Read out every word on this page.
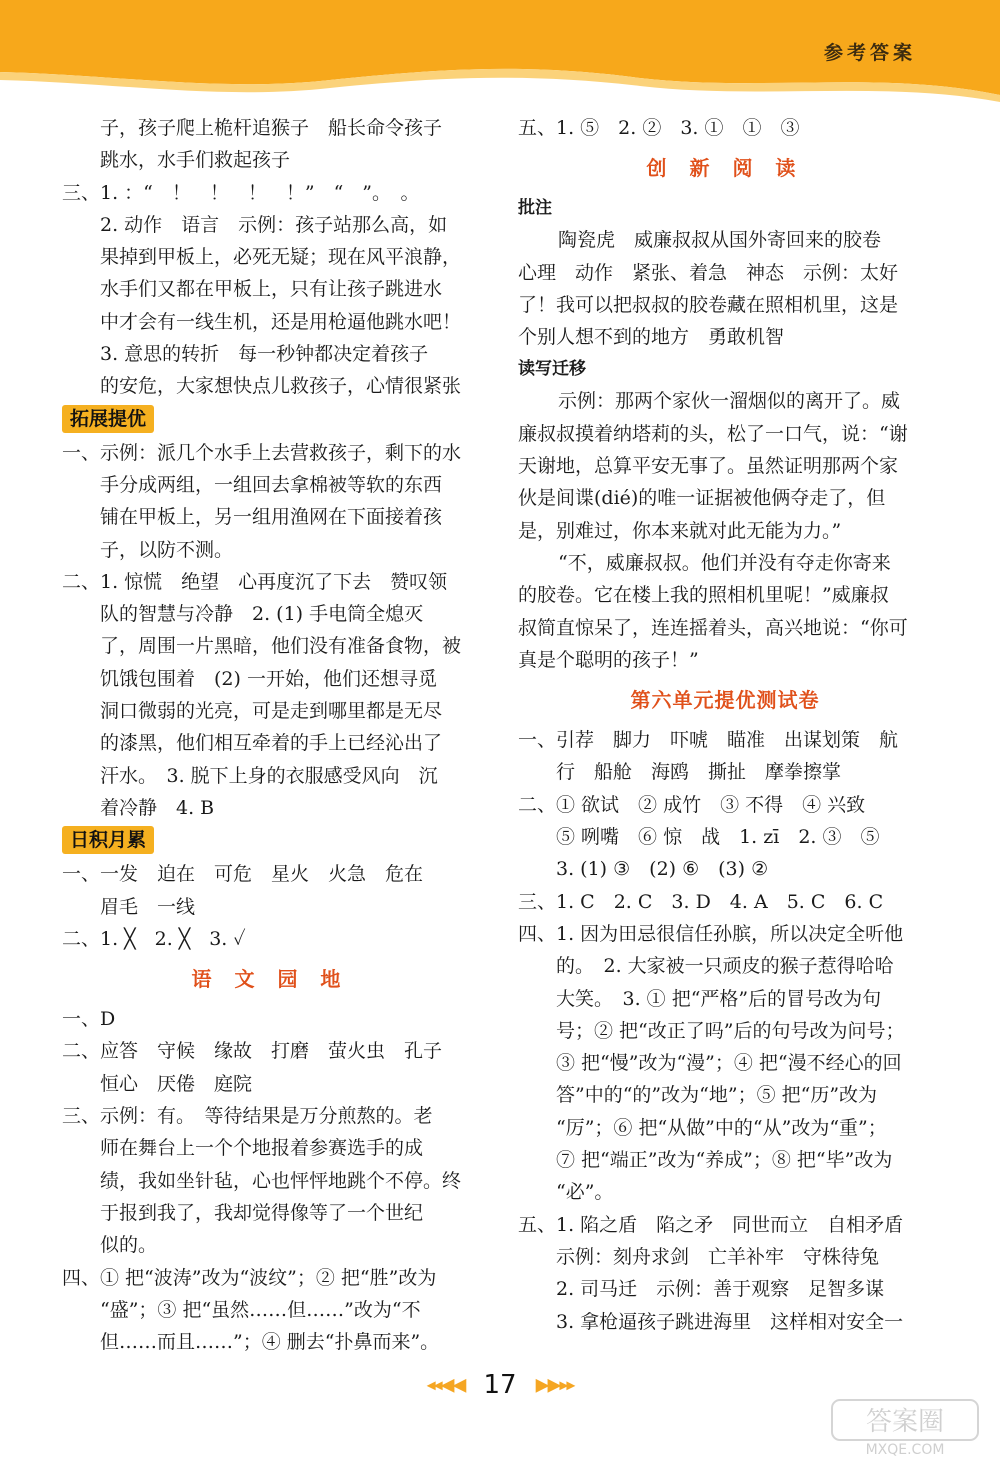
参考答案
子，孩子爬上桅杆追猴子　船长命令孩子
跳水，水手们救起孩子
三、1. ：“　！　！　！　！”　“　”。　。
2. 动作　语言　示例：孩子站那么高，如
果掉到甲板上，必死无疑；现在风平浪静，
水手们又都在甲板上，只有让孩子跳进水
中才会有一线生机，还是用枪逼他跳水吧！
3. 意思的转折　每一秒钟都决定着孩子
的安危，大家想快点儿救孩子，心情很紧张
拓展提优
一、示例：派几个水手上去营救孩子，剩下的水
手分成两组，一组回去拿棉被等软的东西
铺在甲板上，另一组用渔网在下面接着孩
子，以防不测。
二、1. 惊慌　绝望　心再度沉了下去　赞叹领
队的智慧与冷静　2. (1) 手电筒全熄灭
了，周围一片黑暗，他们没有准备食物，被
饥饿包围着　(2) 一开始，他们还想寻觅
洞口微弱的光亮，可是走到哪里都是无尽
的漆黑，他们相互牵着的手上已经沁出了
汗水。　3. 脱下上身的衣服感受风向　沉
着冷静　4. B
日积月累
一、一发　迫在　可危　星火　火急　危在
眉毛　一线
二、1. ╳　2. ╳　3. ✓
语 文 园 地
一、D
二、应答　守候　缘故　打磨　萤火虫　孔子
恒心　厌倦　庭院
三、示例：有。　等待结果是万分煎熬的。老
师在舞台上一个个地报着参赛选手的成
绩，我如坐针毡，心也怦怦地跳个不停。终
于报到我了，我却觉得像等了一个世纪
似的。
四、① 把“波涛”改为“波纹”；② 把“胜”改为
“盛”；③ 把“虽然……但……”改为“不
但……而且……”；④ 删去“扑鼻而来”。
五、1. ⑤　2. ②　3. ①　①　③
创 新 阅 读
批注
陶瓷虎　威廉叔叔从国外寄回来的胶卷
心理　动作　紧张、着急　神态　示例：太好
了！我可以把叔叔的胶卷藏在照相机里，这是
个别人想不到的地方　勇敢机智
读写迁移
示例：那两个家伙一溜烟似的离开了。威
廉叔叔摸着纳塔莉的头，松了一口气，说：“谢
天谢地，总算平安无事了。虽然证明那两个家
伙是间谍(dié)的唯一证据被他俩夺走了，但
是，别难过，你本来就对此无能为力。”
“不，威廉叔叔。他们并没有夺走你寄来
的胶卷。它在楼上我的照相机里呢！”威廉叔
叔简直惊呆了，连连摇着头，高兴地说：“你可
真是个聪明的孩子！”
第六单元提优测试卷
一、引荐　脚力　吓唬　瞄准　出谋划策　航
行　船舱　海鸥　撕扯　摩拳擦掌
二、① 欲试　② 成竹　③ 不得　④ 兴致
⑤ 咧嘴　⑥ 惊　战　1. zī　2. ③　⑤
3. (1) ③　(2) ⑥　(3) ②
三、1. C　2. C　3. D　4. A　5. C　6. C
四、1. 因为田忌很信任孙膑，所以决定全听他
的。　2. 大家被一只顽皮的猴子惹得哈哈
大笑。　3. ① 把“严格”后的冒号改为句
号；② 把“改正了吗”后的句号改为问号；
③ 把“慢”改为“漫”；④ 把“漫不经心的回
答”中的“的”改为“地”；⑤ 把“历”改为
“厉”；⑥ 把“从做”中的“从”改为“重”；
⑦ 把“端正”改为“养成”；⑧ 把“毕”改为
“必”。
五、1. 陷之盾　陷之矛　同世而立　自相矛盾
示例：刻舟求剑　亡羊补牢　守株待兔
2. 司马迁　示例：善于观察　足智多谋
3. 拿枪逼孩子跳进海里　这样相对安全一
◂◂◀◀ 17 ▶▶▸▸
答案圈
MXQE.COM
